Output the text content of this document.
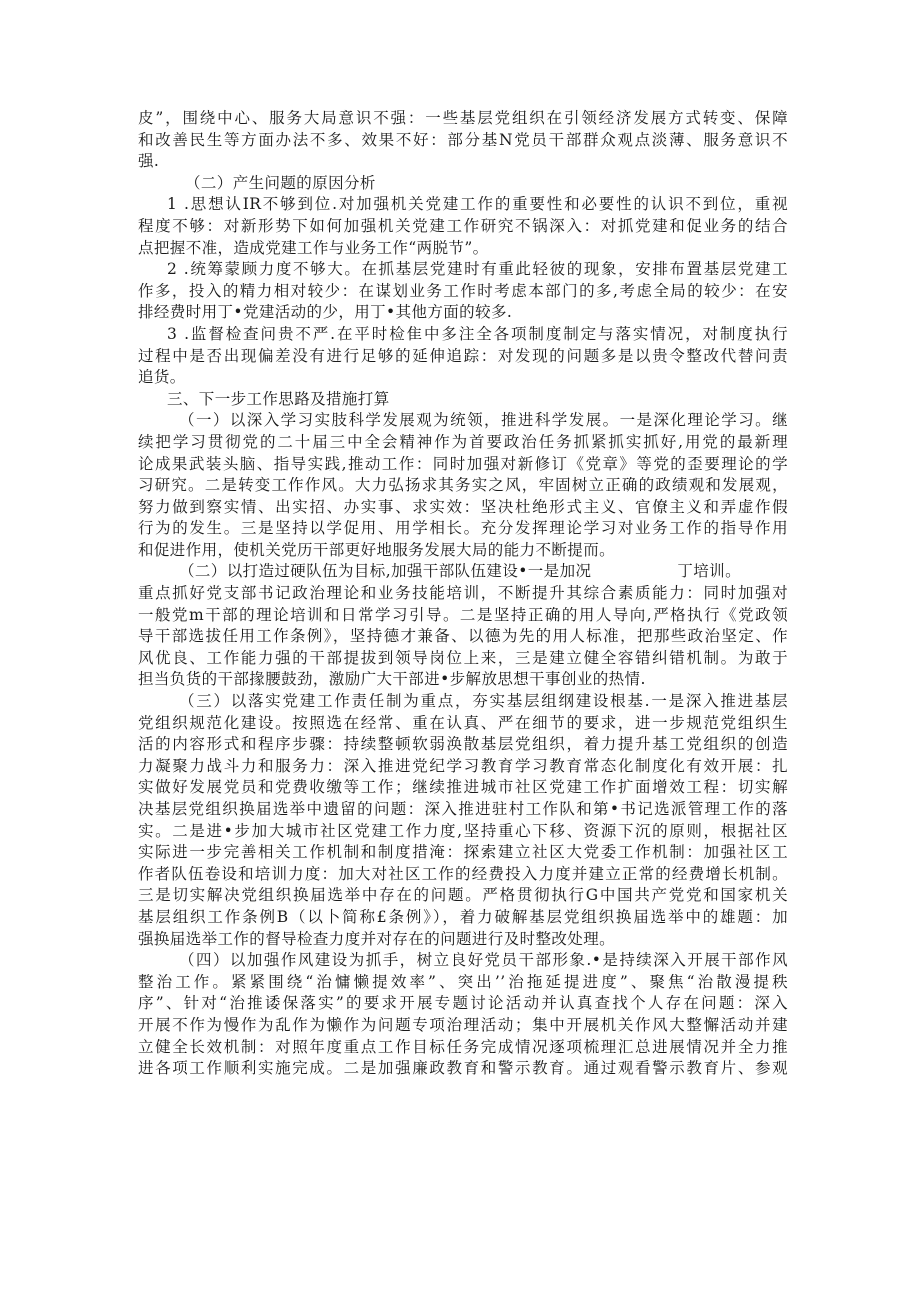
皮”，围绕中心、服务大局意识不强：一些基层党组织在引领经济发展方式转变、保障
和改善民生等方面办法不多、效果不好：部分基N党员干部群众观点淡薄、服务意识不
强.
（二）产生问题的原因分析
1 .思想认IR不够到位.对加强机关党建工作的重要性和必要性的认识不到位，重视
程度不够：对新形势下如何加强机关党建工作研究不锅深入：对抓党建和促业务的结合
点把握不准，造成党建工作与业务工作“两脱节”。
2 .统筹蒙顾力度不够大。在抓基层党建时有重此轻彼的现象，安排布置基层党建工
作多，投入的精力相对较少：在谋划业务工作时考虑本部门的多,考虑全局的较少：在安
排经费时用丁•党建活动的少，用丁•其他方面的较多.
3 .监督检查问贵不严.在平时检隹中多注全各项制度制定与落实情况，对制度执行
过程中是否出现偏差没有进行足够的延伸追踪：对发现的问题多是以贵令整改代替问责
追货。
三、下一步工作思路及措施打算
（一）以深入学习实肢科学发展观为统领，推进科学发展。一是深化理论学习。继
续把学习贯彻党的二十届三中全会精神作为首要政治任务抓紧抓实抓好,用党的最新理
论成果武装头脑、指导实践,推动工作：同时加强对新修订《党章》等党的歪要理论的学
习研究。二是转变工作作风。大力弘扬求其务实之风，牢固树立正确的政绩观和发展观，
努力做到察实情、出实招、办实事、求实效：坚决杜绝形式主义、官僚主义和弄虚作假
行为的发生。三是坚持以学促用、用学相长。充分发挥理论学习对业务工作的指导作用
和促进作用，使机关党历干部更好地服务发展大局的能力不断提而。
（二）以打造过硬队伍为目标,加强干部队伍建设•一是加况	丁培训。
重点抓好党支部书记政治理论和业务技能培训，不断提升其综合素质能力：同时加强对
一般党m干部的理论培训和日常学习引导。二是坚持正确的用人导向,严格执行《党政领
导干部选拔任用工作条例》，坚持德才兼备、以德为先的用人标准，把那些政治坚定、作
风优良、工作能力强的干部提拔到领导岗位上来，三是建立健全容错纠错机制。为敢于
担当负货的干部掾腰鼓劲，激励广大干部进•步解放思想干事创业的热情.
（三）以落实党建工作责任制为重点，夯实基层组纲建设根基.一是深入推进基层
党组织规范化建设。按照选在经常、重在认真、严在细节的要求，进一步规范党组织生
活的内容形式和程序步骤：持续整顿软弱涣散基层党组织，着力提升基工党组织的创造
力凝聚力战斗力和服务力：深入推进党纪学习教育学习教育常态化制度化有效开展：扎
实做好发展党员和党费收缴等工作；继续推进城市社区党建工作扩面增效工程：切实解
决基层党组织换届选举中遗留的问题：深入推进驻村工作队和第•书记选派管理工作的落
实。二是进•步加大城市社区党建工作力度,坚持重心下移、资源下沉的原则，根据社区
实际进一步完善相关工作机制和制度措淹：探索建立社区大党委工作机制：加强社区工
作者队伍卷设和培训力度：加大对社区工作的经费投入力度并建立正常的经费增长机制。
三是切实解决党组织换届选举中存在的问题。严格贯彻执行G中国共产党党和国家机关
基层组织工作条例B（以卜简称£条例》），着力破解基层党组织换届选举中的雄题：加
强换届选举工作的督导检查力度并对存在的问题进行及时整改处理。
（四）以加强作风建设为抓手，树立良好党员干部形象.•是持续深入开展干部作风
整治工作。紧紧围绕“治慵懒提效率”、突出’’治拖延提进度”、聚焦“治散漫提秩
序”、针对“治推诿保落实”的要求开展专题讨论活动并认真查找个人存在问题：深入
开展不作为慢作为乱作为懒作为问题专项治理活动；集中开展机关作风大整懈活动并建
立健全长效机制：对照年度重点工作目标任务完成情况逐项梳理汇总进展情况并全力推
进各项工作顺利实施完成。二是加强廉政教育和警示教育。通过观看警示教育片、参观
